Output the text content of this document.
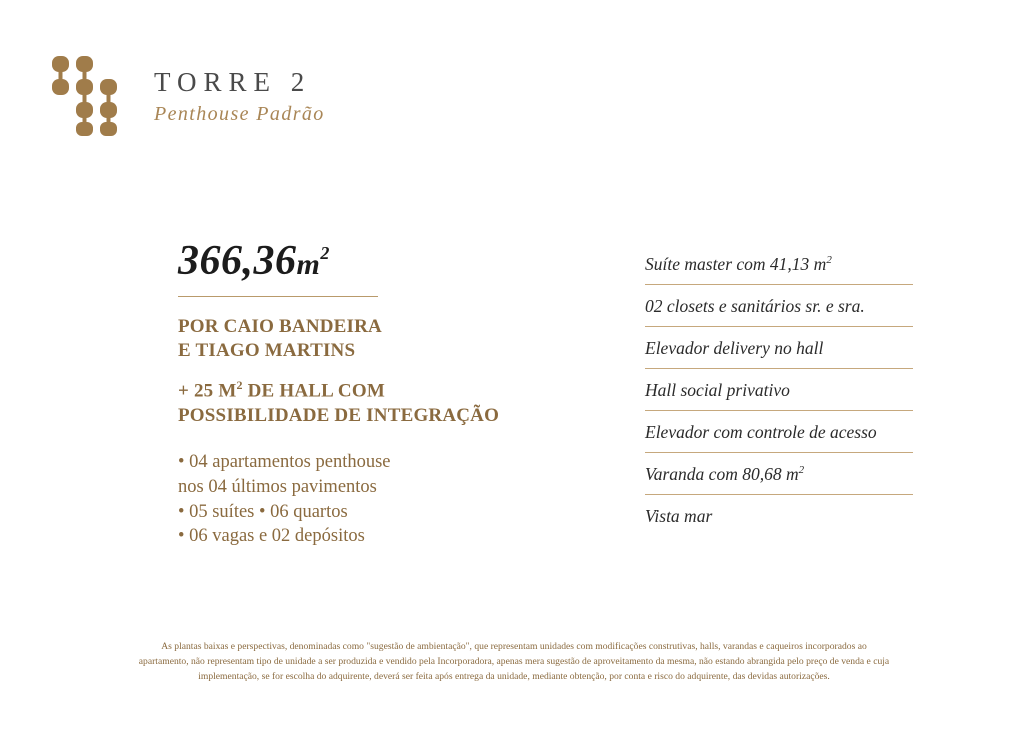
TORRE 2
Penthouse Padrão
$366,36m^2$
POR CAIO BANDEIRA
E TIAGO MARTINS
+ 25 $M^2$ DE HALL COM
POSSIBILIDADE DE INTEGRAÇÃO
• 04 apartamentos penthouse
nos 04 últimos pavimentos
• 05 suítes • 06 quartos
• 06 vagas e 02 depósitos
Suíte master com 41,13 $m^2$
02 closets e sanitários sr. e sra.
Elevador delivery no hall
Hall social privativo
Elevador com controle de acesso
Varanda com 80,68 $m^2$
Vista mar
As plantas baixas e perspectivas, denominadas como "sugestão de ambientação", que representam unidades com modificações construtivas, halls, varandas e caqueiros incorporados ao apartamento, não representam tipo de unidade a ser produzida e vendido pela Incorporadora, apenas mera sugestão de aproveitamento da mesma, não estando abrangida pelo preço de venda e cuja implementação, se for escolha do adquirente, deverá ser feita após entrega da unidade, mediante obtenção, por conta e risco do adquirente, das devidas autorizações.
